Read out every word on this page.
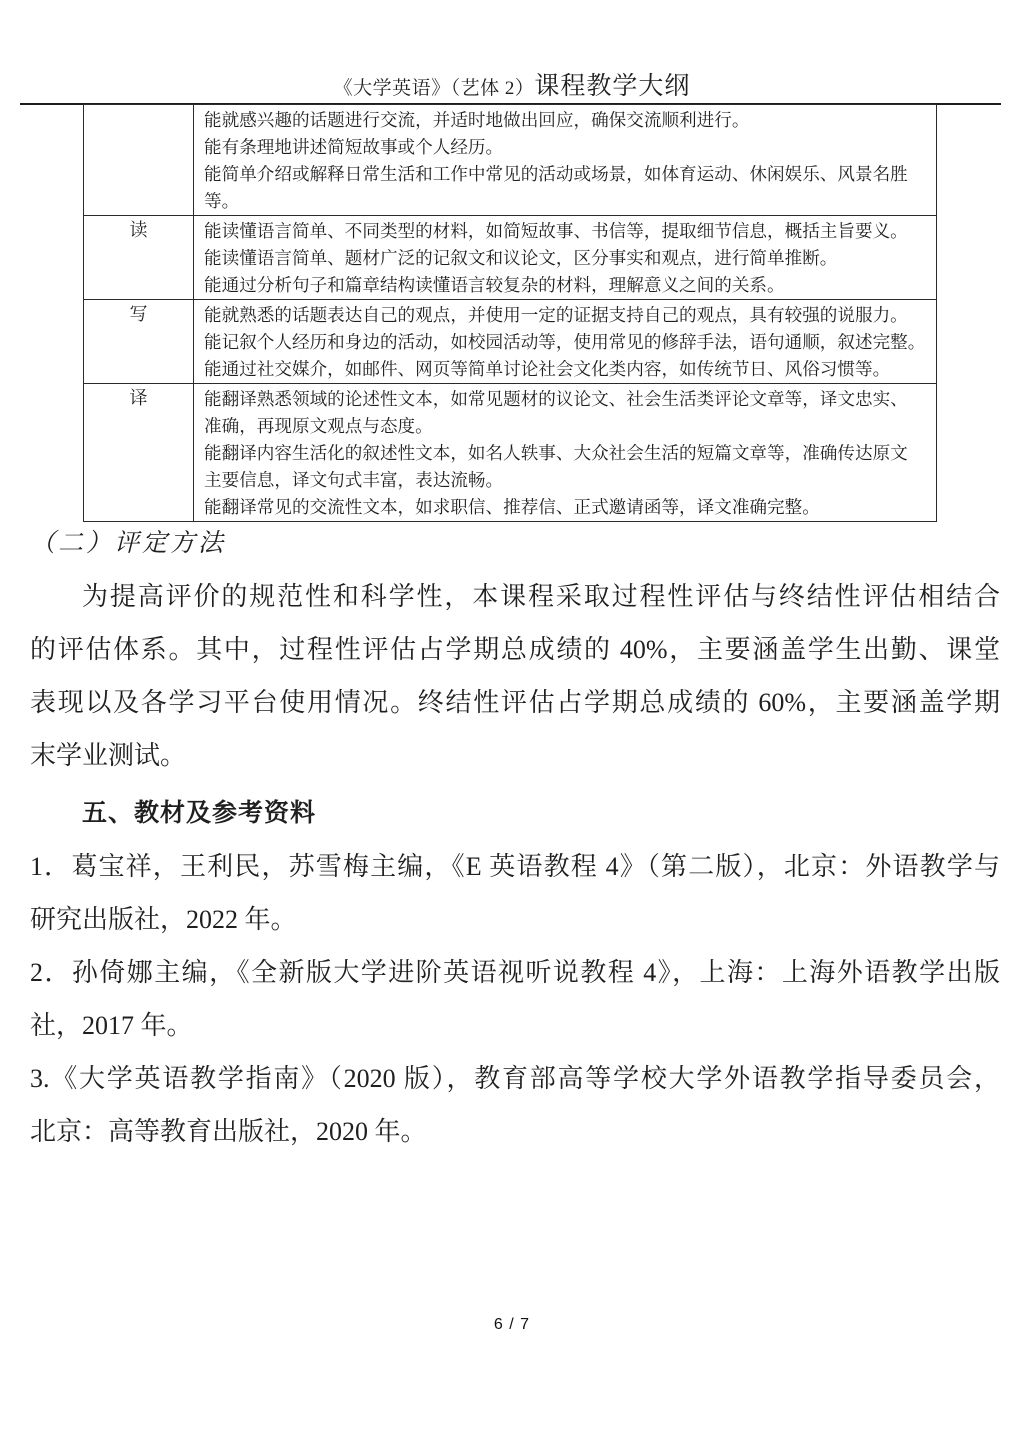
《大学英语》（艺体 2）课程教学大纲

	能就感兴趣的话题进行交流，并适时地做出回应，确保交流顺利进行。
能有条理地讲述简短故事或个人经历。
能简单介绍或解释日常生活和工作中常见的活动或场景，如体育运动、休闲娱乐、风景名胜
等。

读	能读懂语言简单、不同类型的材料，如简短故事、书信等，提取细节信息，概括主旨要义。
能读懂语言简单、题材广泛的记叙文和议论文，区分事实和观点，进行简单推断。
能通过分析句子和篇章结构读懂语言较复杂的材料，理解意义之间的关系。

写	能就熟悉的话题表达自己的观点，并使用一定的证据支持自己的观点，具有较强的说服力。
能记叙个人经历和身边的活动，如校园活动等，使用常见的修辞手法，语句通顺，叙述完整。
能通过社交媒介，如邮件、网页等简单讨论社会文化类内容，如传统节日、风俗习惯等。

译	能翻译熟悉领域的论述性文本，如常见题材的议论文、社会生活类评论文章等，译文忠实、
准确，再现原文观点与态度。
能翻译内容生活化的叙述性文本，如名人轶事、大众社会生活的短篇文章等，准确传达原文
主要信息，译文句式丰富，表达流畅。
能翻译常见的交流性文本，如求职信、推荐信、正式邀请函等，译文准确完整。
（二）评定方法
为提高评价的规范性和科学性，本课程采取过程性评估与终结性评估相结合
的评估体系。其中，过程性评估占学期总成绩的 40%，主要涵盖学生出勤、课堂
表现以及各学习平台使用情况。终结性评估占学期总成绩的 60%，主要涵盖学期
末学业测试。
五、教材及参考资料
1．葛宝祥，王利民，苏雪梅主编，《E 英语教程 4》（第二版），北京：外语教学与
研究出版社，2022 年。
2．孙倚娜主编，《全新版大学进阶英语视听说教程 4》，上海：上海外语教学出版
社，2017 年。
3.《大学英语教学指南》（2020 版），教育部高等学校大学外语教学指导委员会，
北京：高等教育出版社，2020 年。
6 / 7
